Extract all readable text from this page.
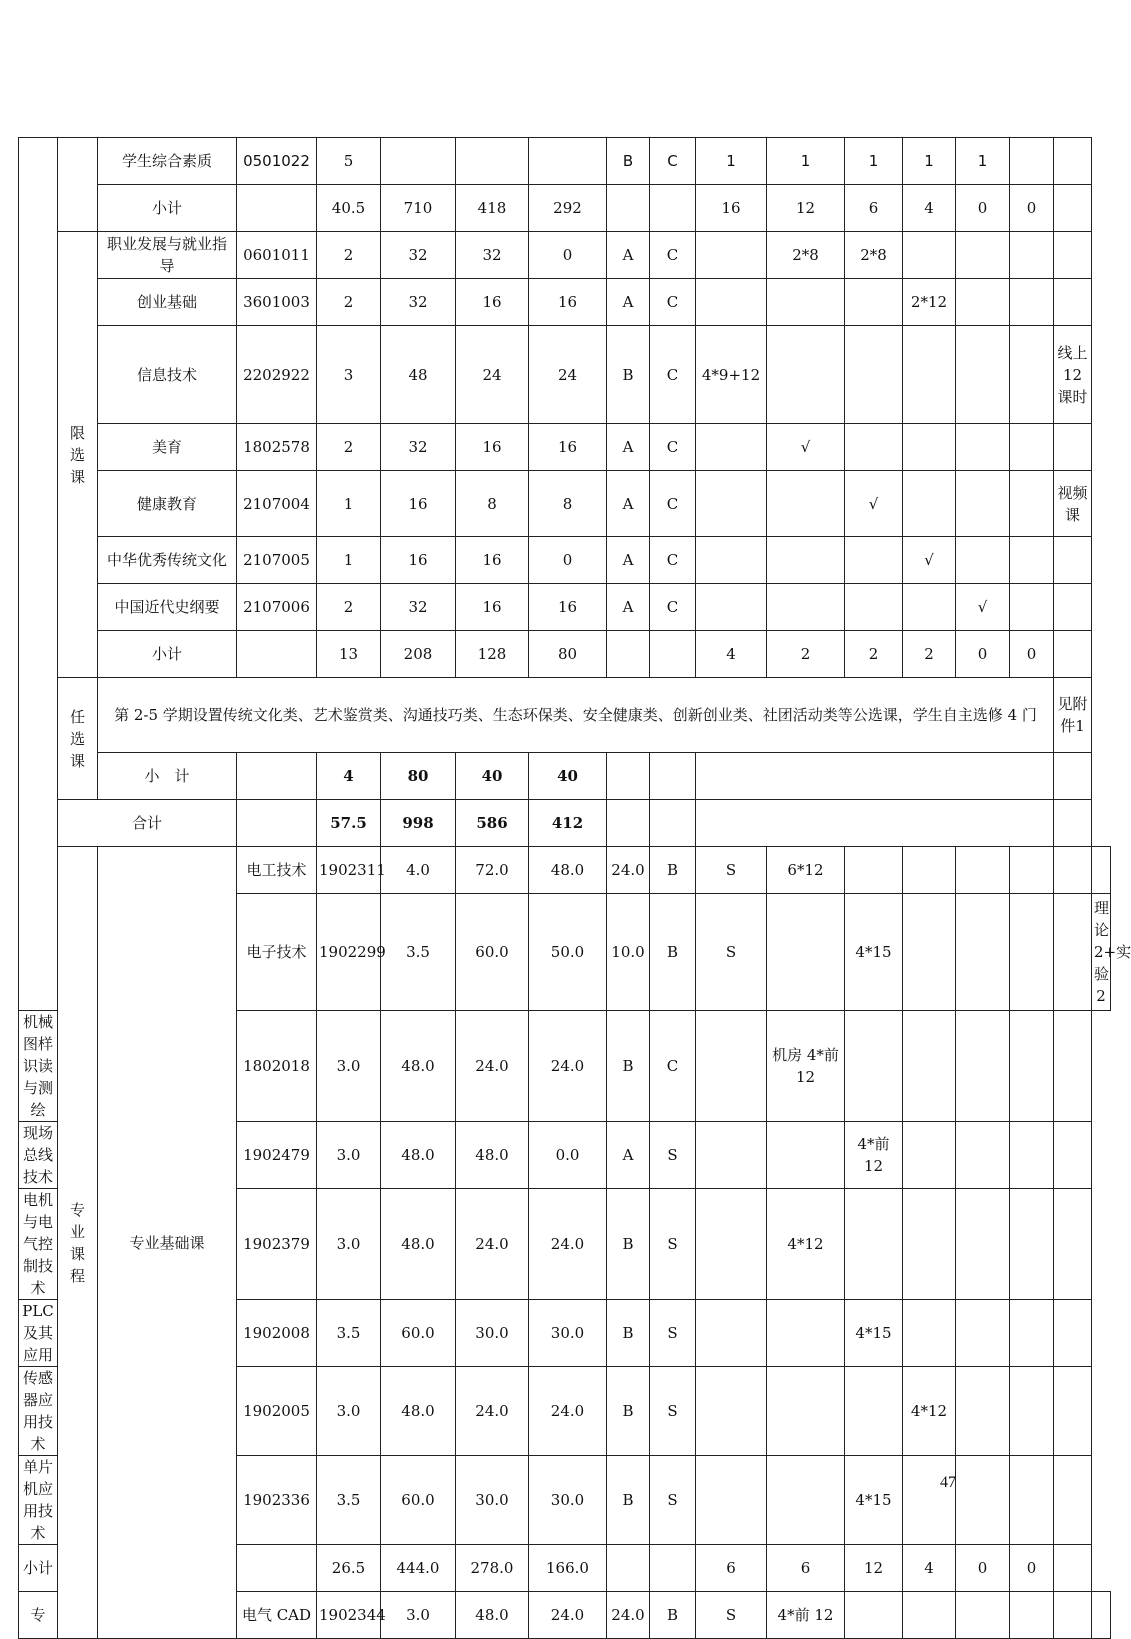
		学生综合素质	0501022	5				B	C	1	1	1	1	1			
		小计		40.5	710	418	292			16	12	6	4	0	0		
	限选课	职业发展与就业指导	0601011	2	32	32	0	A	C		2*8	2*8					
		创业基础	3601003	2	32	16	16	A	C				2*12				
		信息技术	2202922	3	48	24	24	B	C	4*9+12						线上12课时	
		美育	1802578	2	32	16	16	A	C		√						
		健康教育	2107004	1	16	8	8	A	C			√				视频课	
		中华优秀传统文化	2107005	1	16	16	0	A	C				√				
		中国近代史纲要	2107006	2	32	16	16	A	C					√			
		小计		13	208	128	80			4	2	2	2	0	0		
	任选课	第 2-5 学期设置传统文化类、艺术鉴赏类、沟通技巧类、生态环保类、安全健康类、创新创业类、社团活动类等公选课，学生自主选修 4 门														见附件1	
		小　计		4	80	40	40										
	合计			57.5	998	586	412										
	专业课程	专业基础课	电工技术	1902311	4.0	72.0	48.0	24.0	B	S	6*12						
			电子技术	1902299	3.5	60.0	50.0	10.0	B	S		4*15					理论2+实验2
机械图样识读与测绘			1802018	3.0	48.0	24.0	24.0	B	C		机房 4*前 12						
现场总线技术			1902479	3.0	48.0	48.0	0.0	A	S			4*前 12					
电机与电气控制技术			1902379	3.0	48.0	24.0	24.0	B	S		4*12						
PLC 及其应用			1902008	3.5	60.0	30.0	30.0	B	S			4*15					
传感器应用技术			1902005	3.0	48.0	24.0	24.0	B	S				4*12				
单片机应用技术			1902336	3.5	60.0	30.0	30.0	B	S			4*15					
小计				26.5	444.0	278.0	166.0			6	6	12	4	0	0		
专			电气 CAD	1902344	3.0	48.0	24.0	24.0	B	S	4*前 12						
47
